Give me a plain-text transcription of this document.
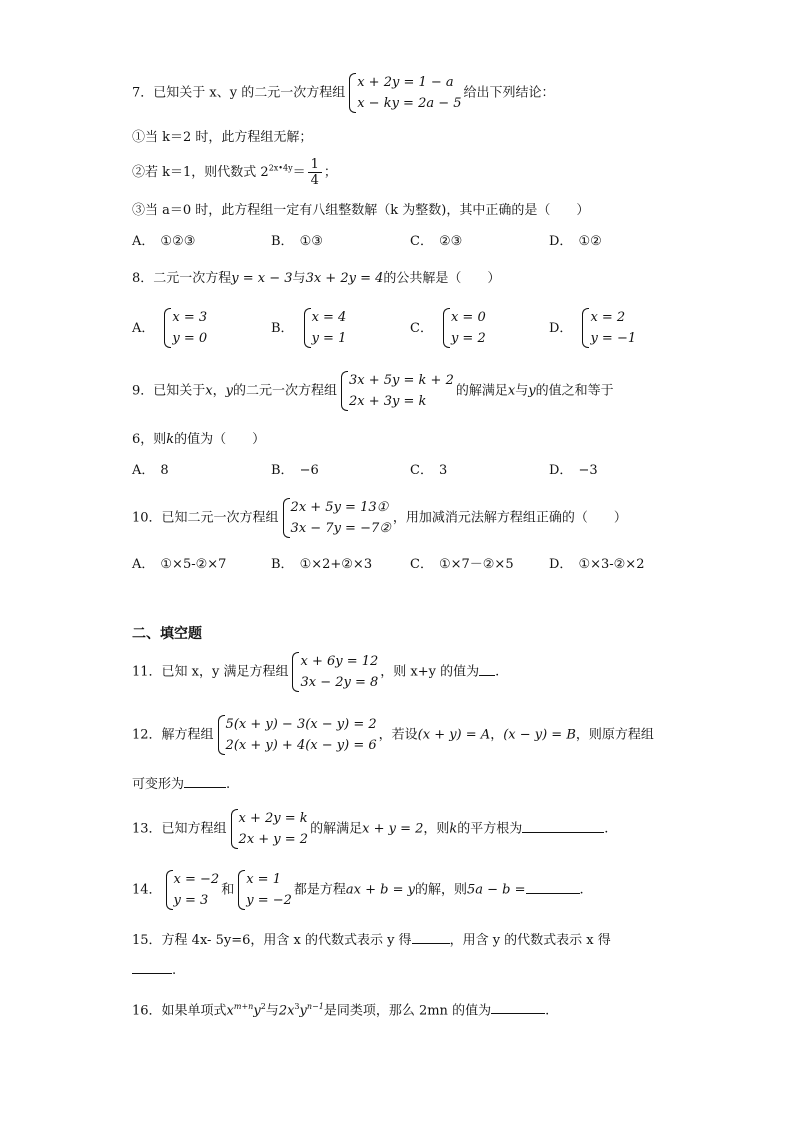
7．已知关于 x、y 的二元一次方程组
x + 2y = 1 − a
x − ky = 2a − 5
给出下列结论：
①当 k＝2 时，此方程组无解；
②若 k＝1，则代数式 $2^{2x•4y}= \frac{1}{4}$ ；
③当 a＝0 时，此方程组一定有八组整数解（k 为整数)，其中正确的是（　　）
A． ①②③	B． ①③	C． ②③	D． ①②
8．二元一次方程y = x − 3与3x + 2y = 4的公共解是（　　）
A．
x = 3
y = 0
B．
x = 4
y = 1
C．
x = 0
y = 2
D．
x = 2
y = −1
9．已知关于x，y的二元一次方程组
3x + 5y = k + 2
2x + 3y = k
的解满足x与y的值之和等于
6，则k的值为（　　）
A． 8	B． −6	C． 3	D． −3
10．已知二元一次方程组
2x + 5y = 13①
3x − 7y = −7②
，用加减消元法解方程组正确的（　　）
A． ①×5-②×7	B． ①×2+②×3	C． ①×7－②×5	D． ①×3-②×2
二、填空题
11．已知 x，y 满足方程组
x + 6y = 12
3x − 2y = 8
，则 x+y 的值为 .
12．解方程组
5(x + y) − 3(x − y) = 2
2(x + y) + 4(x − y) = 6
，若设(x + y) = A，(x − y) = B，则原方程组
可变形为	.
13．已知方程组
x + 2y = k
2x + y = 2
的解满足x + y = 2，则k的平方根为	.
14．
x = −2
y = 3
和
x = 1
y = −2
都是方程ax + b = y的解，则5a − b =	.
15．方程 4x- 5y=6，用含 x 的代数式表示 y 得	，用含 y 的代数式表示 x 得
.
16．如果单项式$x^{m+n}y^2$与$2x^3y^{n-1}$是同类项，那么 2mn 的值为	.
